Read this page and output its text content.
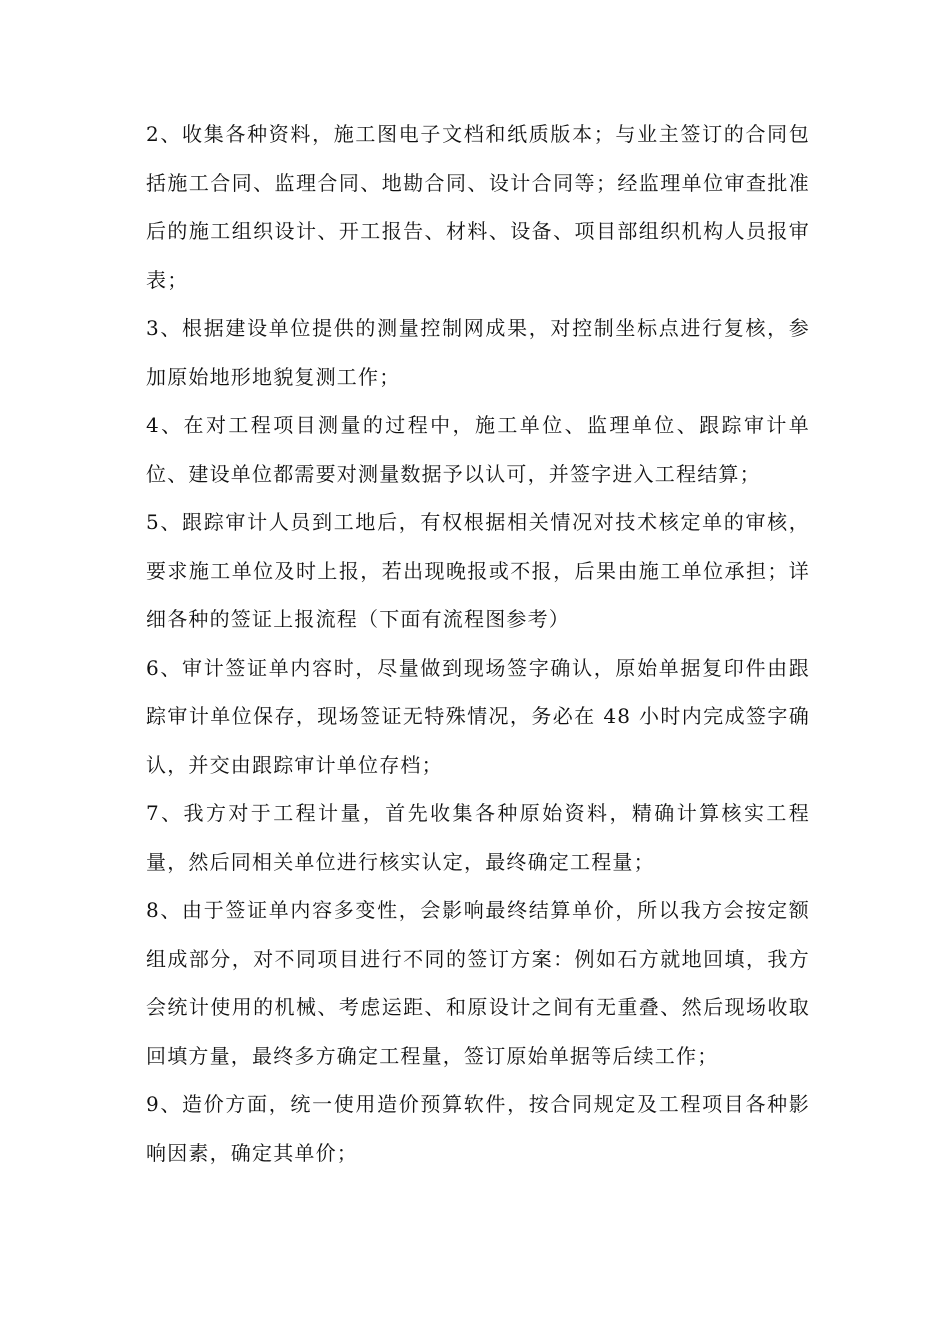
2、收集各种资料，施工图电子文档和纸质版本；与业主签订的合同包括施工合同、监理合同、地勘合同、设计合同等；经监理单位审查批准后的施工组织设计、开工报告、材料、设备、项目部组织机构人员报审表；

3、根据建设单位提供的测量控制网成果，对控制坐标点进行复核，参加原始地形地貌复测工作；

4、在对工程项目测量的过程中，施工单位、监理单位、跟踪审计单位、建设单位都需要对测量数据予以认可，并签字进入工程结算；

5、跟踪审计人员到工地后，有权根据相关情况对技术核定单的审核，要求施工单位及时上报，若出现晚报或不报，后果由施工单位承担；详细各种的签证上报流程（下面有流程图参考）

6、审计签证单内容时，尽量做到现场签字确认，原始单据复印件由跟踪审计单位保存，现场签证无特殊情况，务必在 48 小时内完成签字确认，并交由跟踪审计单位存档；

7、我方对于工程计量，首先收集各种原始资料，精确计算核实工程量，然后同相关单位进行核实认定，最终确定工程量；

8、由于签证单内容多变性，会影响最终结算单价，所以我方会按定额组成部分，对不同项目进行不同的签订方案：例如石方就地回填，我方会统计使用的机械、考虑运距、和原设计之间有无重叠、然后现场收取回填方量，最终多方确定工程量，签订原始单据等后续工作；

9、造价方面，统一使用造价预算软件，按合同规定及工程项目各种影响因素，确定其单价；
